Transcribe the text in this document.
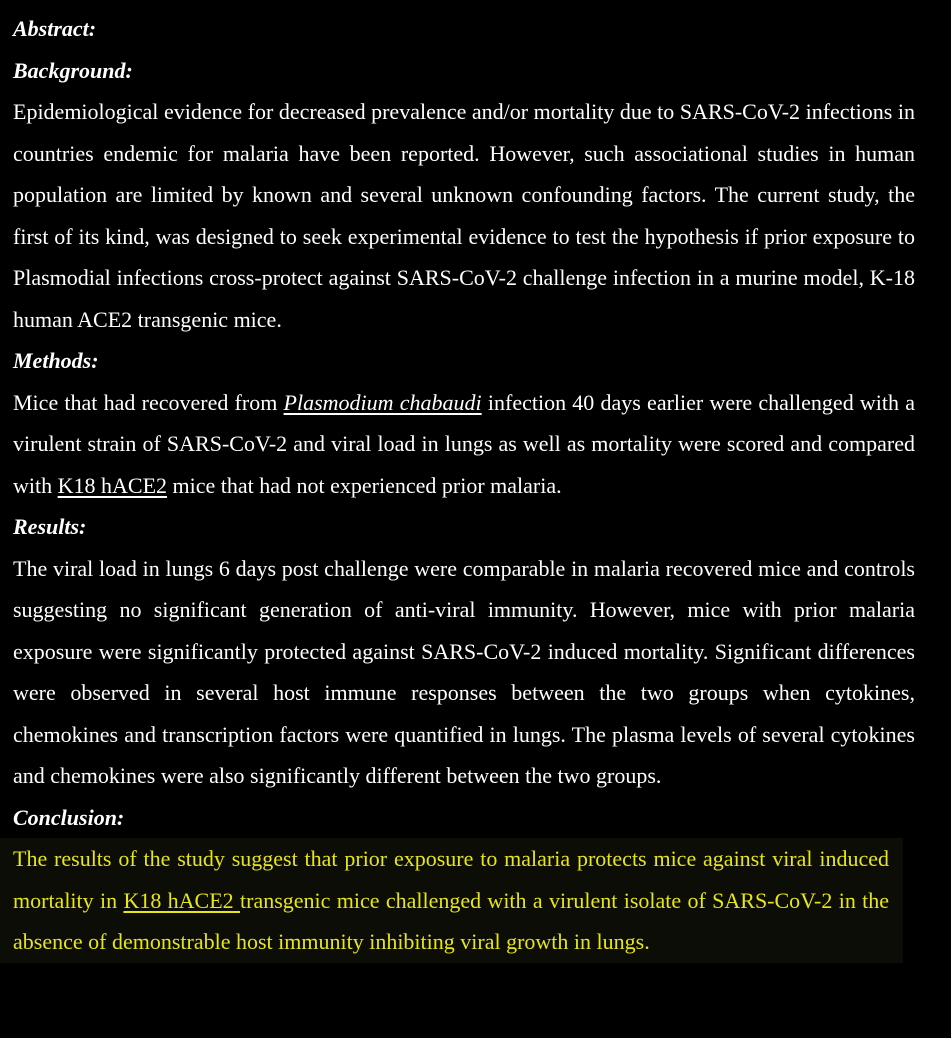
Abstract:

Background:

Epidemiological evidence for decreased prevalence and/or mortality due to SARS-CoV-2 infections in countries endemic for malaria have been reported. However, such associational studies in human population are limited by known and several unknown confounding factors. The current study, the first of its kind, was designed to seek experimental evidence to test the hypothesis if prior exposure to Plasmodial infections cross-protect against SARS-CoV-2 challenge infection in a murine model, K-18 human ACE2 transgenic mice.

Methods:

Mice that had recovered from Plasmodium chabaudi infection 40 days earlier were challenged with a virulent strain of SARS-CoV-2 and viral load in lungs as well as mortality were scored and compared with K18 hACE2 mice that had not experienced prior malaria.

Results:

The viral load in lungs 6 days post challenge were comparable in malaria recovered mice and controls suggesting no significant generation of anti-viral immunity. However, mice with prior malaria exposure were significantly protected against SARS-CoV-2 induced mortality. Significant differences were observed in several host immune responses between the two groups when cytokines, chemokines and transcription factors were quantified in lungs. The plasma levels of several cytokines and chemokines were also significantly different between the two groups.

Conclusion:

The results of the study suggest that prior exposure to malaria protects mice against viral induced mortality in K18 hACE2 transgenic mice challenged with a virulent isolate of SARS-CoV-2 in the absence of demonstrable host immunity inhibiting viral growth in lungs.
